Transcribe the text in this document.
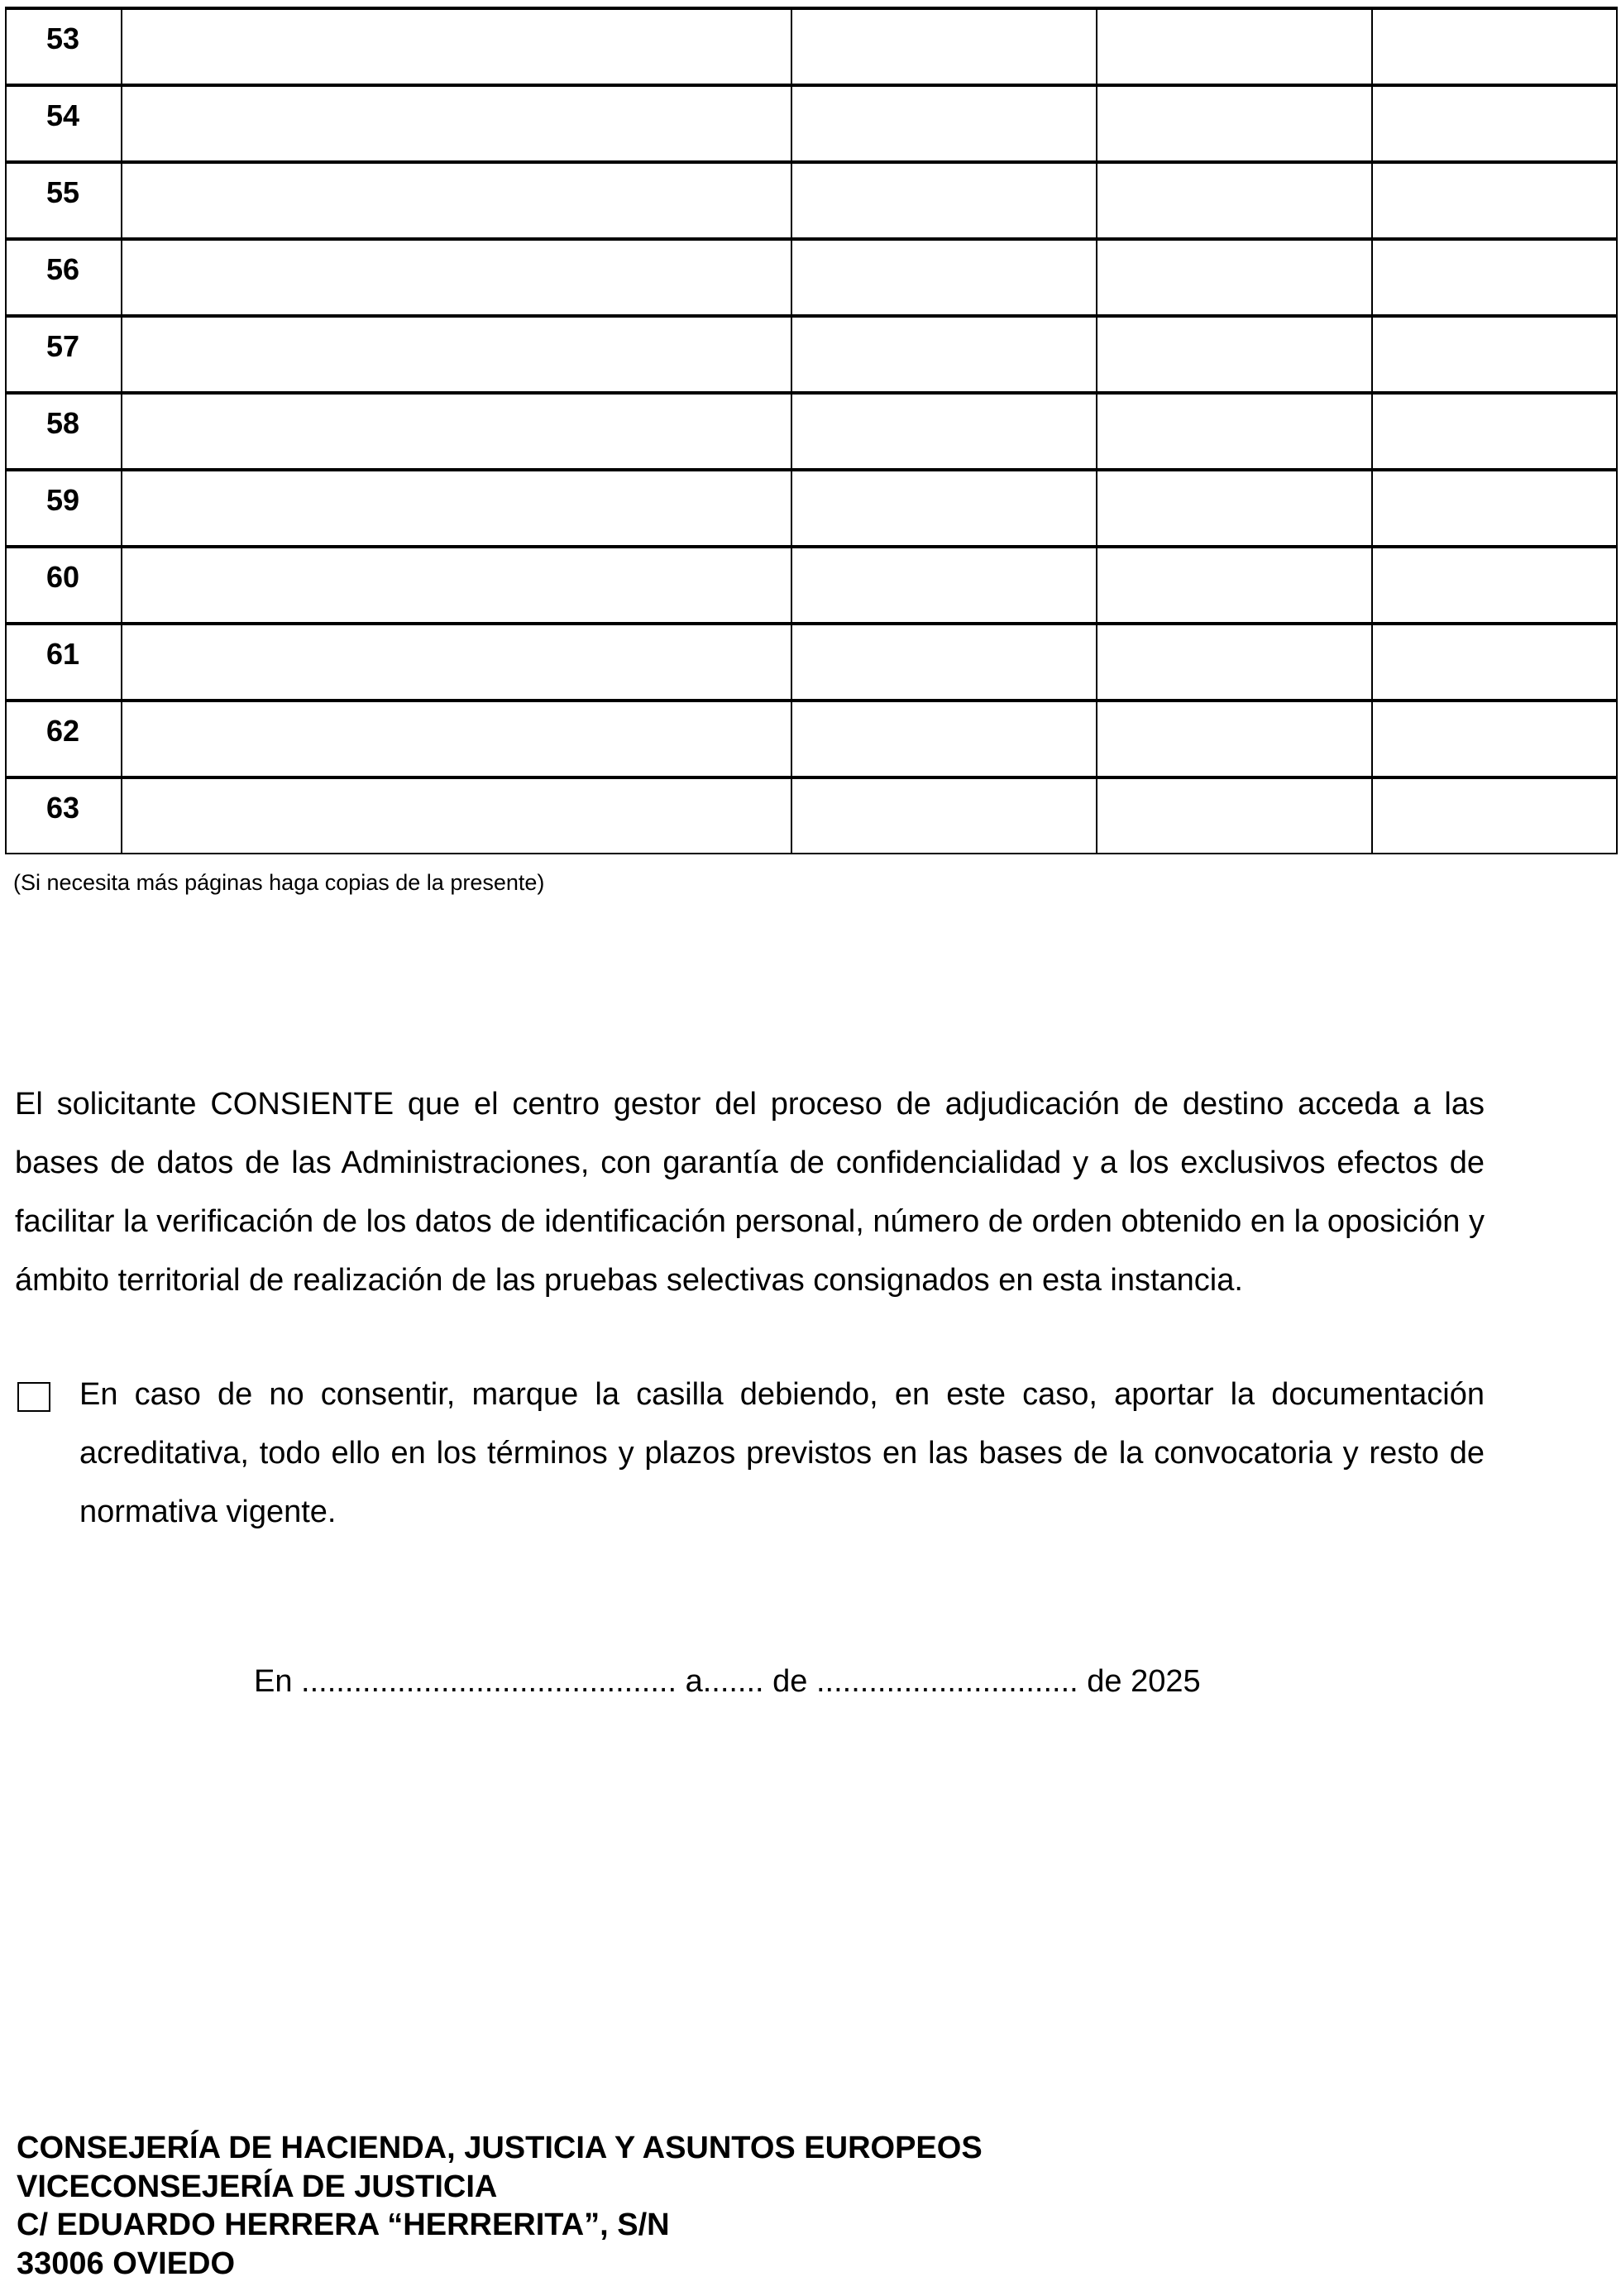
53				
54				
55				
56				
57				
58				
59				
60				
61				
62				
63				
(Si necesita más páginas haga copias de la presente)
El solicitante CONSIENTE que el centro gestor del proceso de adjudicación de destino acceda a las bases de datos de las Administraciones, con garantía de confidencialidad y a los exclusivos efectos de facilitar la verificación de los datos de identificación personal, número de orden obtenido en la oposición y ámbito territorial de realización de las pruebas selectivas consignados en esta instancia.
En caso de no consentir, marque la casilla debiendo, en este caso, aportar la documentación acreditativa, todo ello en los términos y plazos previstos en las bases de la convocatoria y resto de normativa vigente.
En ........................................... a....... de .............................. de 2025
CONSEJERÍA DE HACIENDA, JUSTICIA Y ASUNTOS EUROPEOS
VICECONSEJERÍA DE JUSTICIA
C/ EDUARDO HERRERA “HERRERITA”, S/N
33006 OVIEDO
